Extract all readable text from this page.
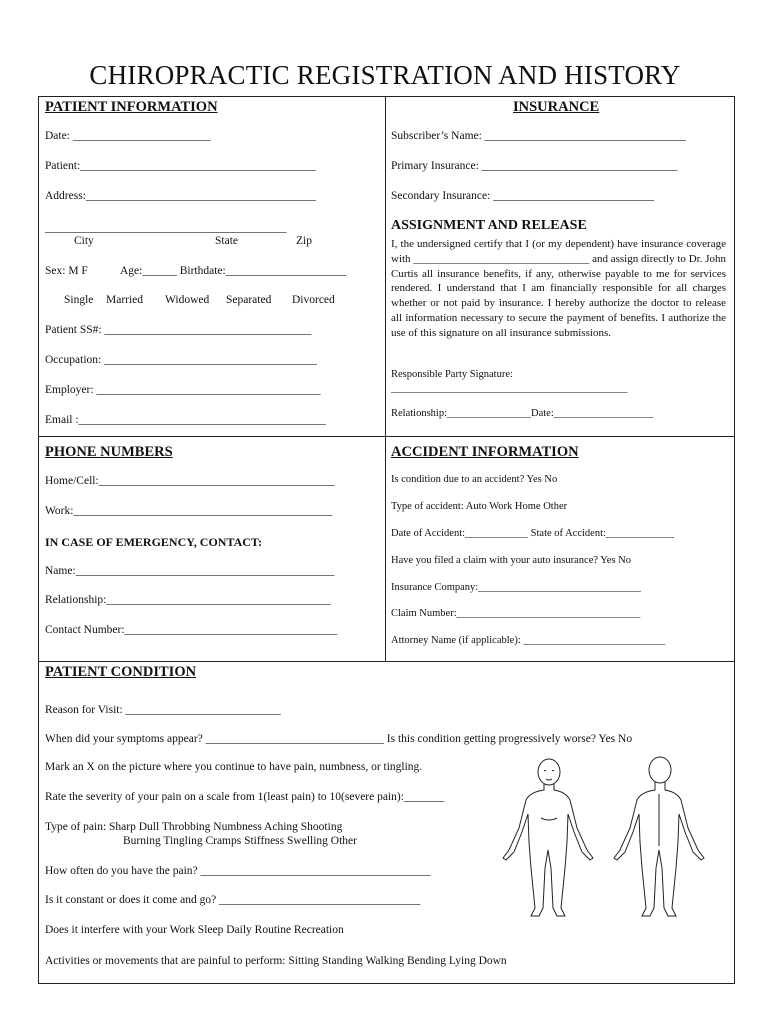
CHIROPRACTIC REGISTRATION AND HISTORY
PATIENT INFORMATION
Date: ________________________
Patient:_________________________________________
Address:________________________________________
__________________________________________
City	State	Zip
Sex: M F	Age:______ Birthdate:_____________________
Single Married Widowed Separated Divorced
Patient SS#: ____________________________________
Occupation: _____________________________________
Employer: _______________________________________
Email :___________________________________________
INSURANCE
Subscriber’s Name: ___________________________________
Primary Insurance: __________________________________
Secondary Insurance: ____________________________
ASSIGNMENT AND RELEASE
I, the undersigned certify that I (or my dependent) have insurance coverage with ________________________________ and assign directly to Dr. John Curtis all insurance benefits, if any, otherwise payable to me for services rendered. I understand that I am financially responsible for all charges whether or not paid by insurance. I hereby authorize the doctor to release all information necessary to secure the payment of benefits. I authorize the use of this signature on all insurance submissions.
Responsible Party Signature:
_____________________________________________
Relationship:________________Date:___________________
PHONE NUMBERS
Home/Cell:_________________________________________
Work:_____________________________________________
IN CASE OF EMERGENCY, CONTACT:
Name:_____________________________________________
Relationship:_______________________________________
Contact Number:_____________________________________
ACCIDENT INFORMATION
Is condition due to an accident? Yes No
Type of accident: Auto Work Home Other
Date of Accident:____________ State of Accident:_____________
Have you filed a claim with your auto insurance? Yes No
Insurance Company:_______________________________
Claim Number:___________________________________
Attorney Name (if applicable): ___________________________
PATIENT CONDITION
Reason for Visit: ___________________________
When did your symptoms appear? _______________________________ Is this condition getting progressively worse? Yes No
Mark an X on the picture where you continue to have pain, numbness, or tingling.
Rate the severity of your pain on a scale from 1(least pain) to 10(severe pain):_______
Type of pain: Sharp Dull Throbbing Numbness Aching Shooting
Burning Tingling Cramps Stiffness Swelling Other
How often do you have the pain? ________________________________________
Is it constant or does it come and go? ___________________________________
Does it interfere with your Work Sleep Daily Routine Recreation
Activities or movements that are painful to perform: Sitting Standing Walking Bending Lying Down
